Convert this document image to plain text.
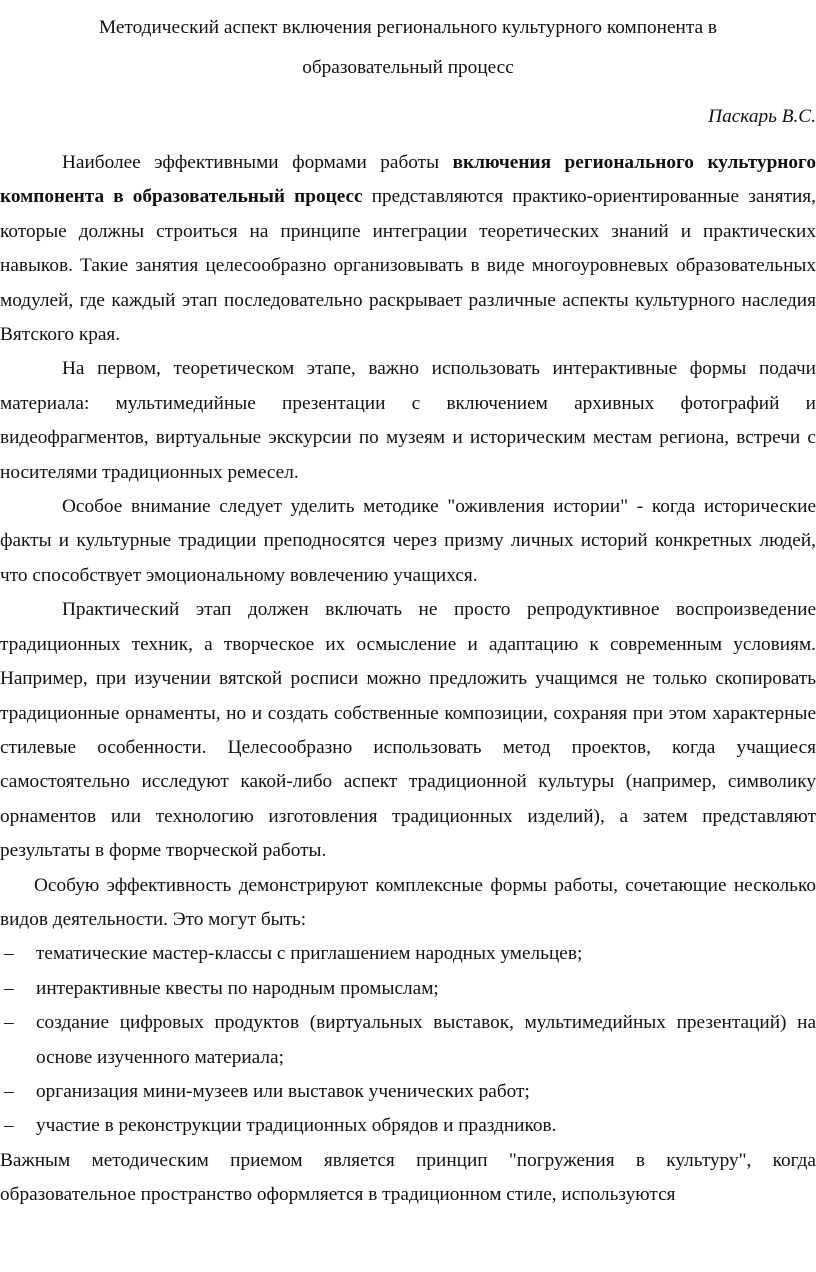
Методический аспект включения регионального культурного компонента в
образовательный процесс
Паскарь В.С.

Наиболее эффективными формами работы включения регионального культурного компонента в образовательный процесс представляются практико-ориентированные занятия, которые должны строиться на принципе интеграции теоретических знаний и практических навыков. Такие занятия целесообразно организовывать в виде многоуровневых образовательных модулей, где каждый этап последовательно раскрывает различные аспекты культурного наследия Вятского края.

На первом, теоретическом этапе, важно использовать интерактивные формы подачи материала: мультимедийные презентации с включением архивных фотографий и видеофрагментов, виртуальные экскурсии по музеям и историческим местам региона, встречи с носителями традиционных ремесел.

Особое внимание следует уделить методике "оживления истории" - когда исторические факты и культурные традиции преподносятся через призму личных историй конкретных людей, что способствует эмоциональному вовлечению учащихся.

Практический этап должен включать не просто репродуктивное воспроизведение традиционных техник, а творческое их осмысление и адаптацию к современным условиям. Например, при изучении вятской росписи можно предложить учащимся не только скопировать традиционные орнаменты, но и создать собственные композиции, сохраняя при этом характерные стилевые особенности. Целесообразно использовать метод проектов, когда учащиеся самостоятельно исследуют какой-либо аспект традиционной культуры (например, символику орнаментов или технологию изготовления традиционных изделий), а затем представляют результаты в форме творческой работы.

Особую эффективность демонстрируют комплексные формы работы, сочетающие несколько видов деятельности. Это могут быть:

– тематические мастер-классы с приглашением народных умельцев;
– интерактивные квесты по народным промыслам;
– создание цифровых продуктов (виртуальных выставок, мультимедийных презентаций) на основе изученного материала;
– организация мини-музеев или выставок ученических работ;
– участие в реконструкции традиционных обрядов и праздников.

Важным методическим приемом является принцип "погружения в культуру", когда образовательное пространство оформляется в традиционном стиле, используются
